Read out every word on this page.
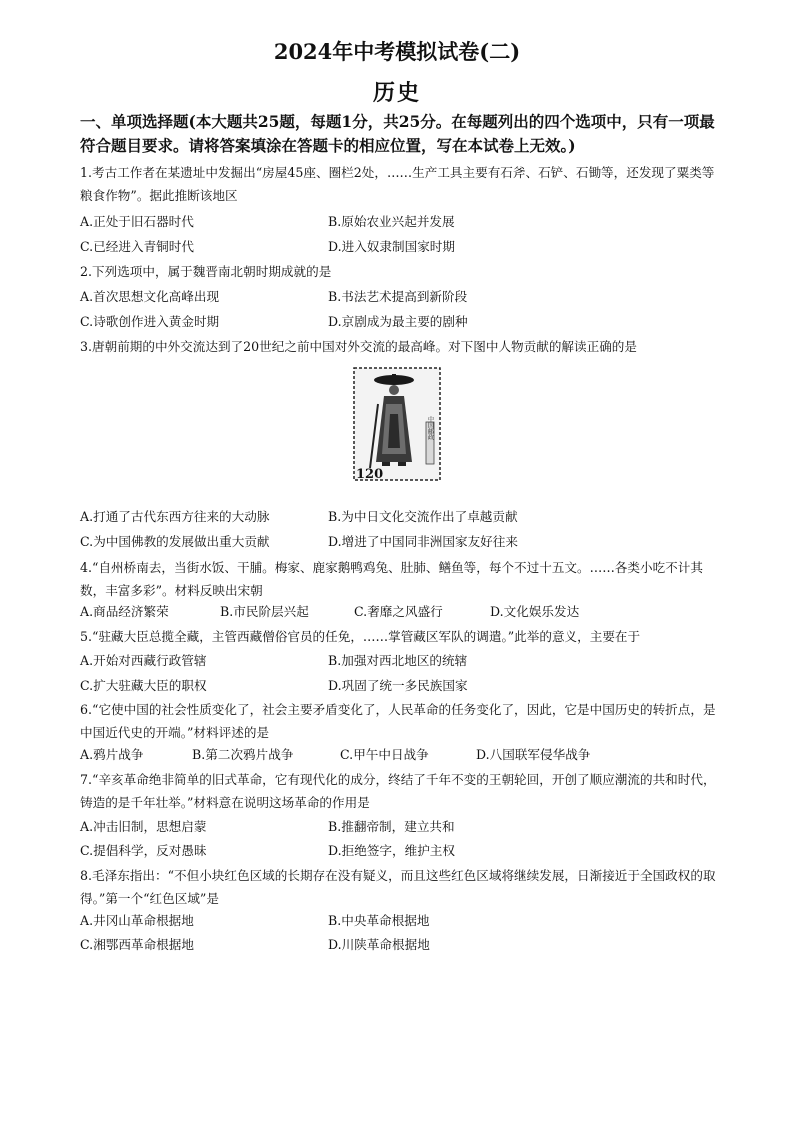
2024年中考模拟试卷(二)
历史
一、单项选择题(本大题共25题，每题1分，共25分。在每题列出的四个选项中，只有一项最符合题目要求。请将答案填涂在答题卡的相应位置，写在本试卷上无效。)
1.考古工作者在某遗址中发掘出“房屋45座、圈栏2处，……生产工具主要有石斧、石铲、石锄等，还发现了粟类等粮食作物”。据此推断该地区
A.正处于旧石器时代	B.原始农业兴起并发展
C.已经进入青铜时代	D.进入奴隶制国家时期
2.下列选项中，属于魏晋南北朝时期成就的是
A.首次思想文化高峰出现	B.书法艺术提高到新阶段
C.诗歌创作进入黄金时期	D.京剧成为最主要的剧种
3.唐朝前期的中外交流达到了20世纪之前中国对外交流的最高峰。对下图中人物贡献的解读正确的是
中国邮政
120
A.打通了古代东西方往来的大动脉	B.为中日文化交流作出了卓越贡献
C.为中国佛教的发展做出重大贡献	D.增进了中国同非洲国家友好往来
4.“自州桥南去，当街水饭、干脯。梅家、鹿家鹅鸭鸡兔、肚肺、鳝鱼等，每个不过十五文。……各类小吃不计其数，丰富多彩”。材料反映出宋朝
A.商品经济繁荣	B.市民阶层兴起	C.奢靡之风盛行	D.文化娱乐发达
5.“驻藏大臣总揽全藏，主管西藏僧俗官员的任免，……掌管藏区军队的调遣。”此举的意义，主要在于
A.开始对西藏行政管辖	B.加强对西北地区的统辖
C.扩大驻藏大臣的职权	D.巩固了统一多民族国家
6.“它使中国的社会性质变化了，社会主要矛盾变化了，人民革命的任务变化了，因此，它是中国历史的转折点，是中国近代史的开端。”材料评述的是
A.鸦片战争	B.第二次鸦片战争	C.甲午中日战争	D.八国联军侵华战争
7.“辛亥革命绝非简单的旧式革命，它有现代化的成分，终结了千年不变的王朝轮回，开创了顺应潮流的共和时代，铸造的是千年壮举。”材料意在说明这场革命的作用是
A.冲击旧制，思想启蒙	B.推翻帝制，建立共和
C.提倡科学，反对愚昧	D.拒绝签字，维护主权
8.毛泽东指出：“不但小块红色区域的长期存在没有疑义，而且这些红色区域将继续发展，日渐接近于全国政权的取得。”第一个“红色区域”是
A.井冈山革命根据地	B.中央革命根据地
C.湘鄂西革命根据地	D.川陕革命根据地
